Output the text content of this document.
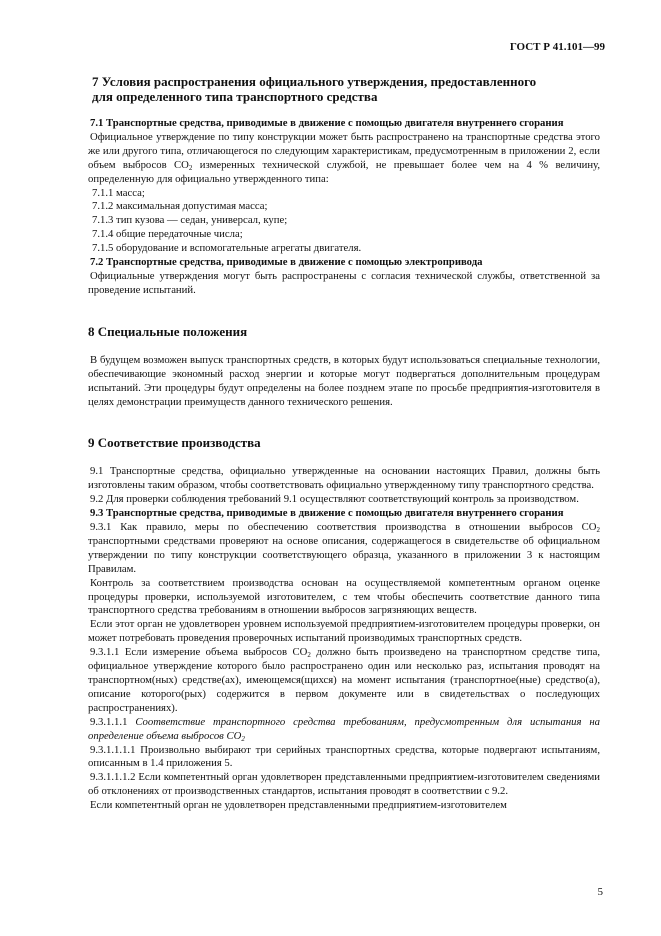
ГОСТ Р 41.101—99
7 Условия распространения официального утверждения, предоставленного
для определенного типа транспортного средства

7.1 Транспортные средства, приводимые в движение с помощью двигателя внутреннего сгорания

Официальное утверждение по типу конструкции может быть распространено на транспортные средства этого же или другого типа, отличающегося по следующим характеристикам, предусмотренным в приложении 2, если объем выбросов $CO_2$ измеренных технической службой, не превышает более чем на 4 % величину, определенную для официально утвержденного типа:

7.1.1 масса;

7.1.2 максимальная допустимая масса;

7.1.3 тип кузова — седан, универсал, купе;

7.1.4 общие передаточные числа;

7.1.5 оборудование и вспомогательные агрегаты двигателя.

7.2 Транспортные средства, приводимые в движение с помощью электропривода

Официальные утверждения могут быть распространены с согласия технической службы, ответственной за проведение испытаний.

8 Специальные положения

В будущем возможен выпуск транспортных средств, в которых будут использоваться специальные технологии, обеспечивающие экономный расход энергии и которые могут подвергаться дополнительным процедурам испытаний. Эти процедуры будут определены на более позднем этапе по просьбе предприятия-изготовителя в целях демонстрации преимуществ данного технического решения.

9 Соответствие производства

9.1 Транспортные средства, официально утвержденные на основании настоящих Правил, должны быть изготовлены таким образом, чтобы соответствовать официально утвержденному типу транспортного средства.

9.2 Для проверки соблюдения требований 9.1 осуществляют соответствующий контроль за производством.

9.3 Транспортные средства, приводимые в движение с помощью двигателя внутреннего сгорания

9.3.1 Как правило, меры по обеспечению соответствия производства в отношении выбросов $CO_2$ транспортными средствами проверяют на основе описания, содержащегося в свидетельстве об официальном утверждении по типу конструкции соответствующего образца, указанного в приложении 3 к настоящим Правилам.

Контроль за соответствием производства основан на осуществляемой компетентным органом оценке процедуры проверки, используемой изготовителем, с тем чтобы обеспечить соответствие данного типа транспортного средства требованиям в отношении выбросов загрязняющих веществ.

Если этот орган не удовлетворен уровнем используемой предприятием-изготовителем процедуры проверки, он может потребовать проведения проверочных испытаний производимых транспортных средств.

9.3.1.1 Если измерение объема выбросов $CO_2$ должно быть произведено на транспортном средстве типа, официальное утверждение которого было распространено один или несколько раз, испытания проводят на транспортном(ных) средстве(ах), имеющемся(щихся) на момент испытания (транспортное(ные) средство(а), описание которого(рых) содержится в первом документе или в свидетельствах о последующих распространениях).

9.3.1.1.1 Соответствие транспортного средства требованиям, предусмотренным для испытания на определение объема выбросов $CO_2$

9.3.1.1.1.1 Произвольно выбирают три серийных транспортных средства, которые подвергают испытаниям, описанным в 1.4 приложения 5.

9.3.1.1.1.2 Если компетентный орган удовлетворен представленными предприятием-изготовителем сведениями об отклонениях от производственных стандартов, испытания проводят в соответствии с 9.2.

Если компетентный орган не удовлетворен представленными предприятием-изготовителем

5
